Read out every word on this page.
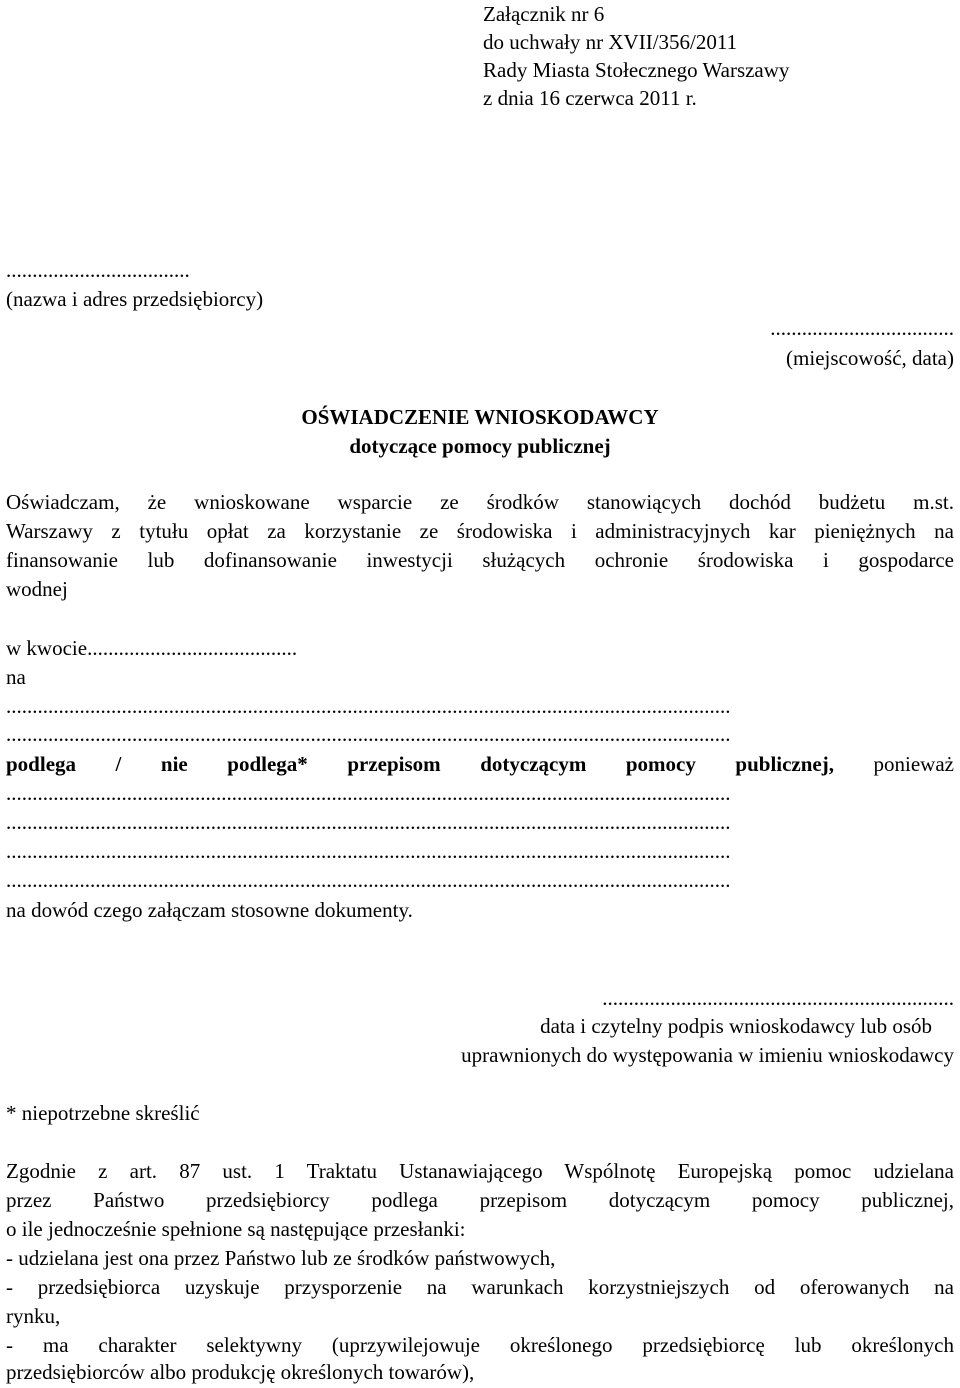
Załącznik nr 6
do uchwały nr XVII/356/2011
Rady Miasta Stołecznego Warszawy
z dnia 16 czerwca 2011 r.
...................................
(nazwa i adres przedsiębiorcy)
...................................
(miejscowość, data)
OŚWIADCZENIE WNIOSKODAWCY
dotyczące pomocy publicznej
Oświadczam, że wnioskowane wsparcie ze środków stanowiących dochód budżetu m.st.
Warszawy z tytułu opłat za korzystanie ze środowiska i administracyjnych kar pieniężnych na
finansowanie lub dofinansowanie inwestycji służących ochronie środowiska i gospodarce
wodnej
w kwocie........................................
na
..........................................................................................................................................
..........................................................................................................................................
podlega / nie podlega* przepisom dotyczącym pomocy publicznej, ponieważ
..........................................................................................................................................
..........................................................................................................................................
..........................................................................................................................................
..........................................................................................................................................
na dowód czego załączam stosowne dokumenty.
...................................................................
data i czytelny podpis wnioskodawcy lub osób
uprawnionych do występowania w imieniu wnioskodawcy
* niepotrzebne skreślić
Zgodnie z art. 87 ust. 1 Traktatu Ustanawiającego Wspólnotę Europejską pomoc udzielana
przez Państwo przedsiębiorcy podlega przepisom dotyczącym pomocy publicznej,
o ile jednocześnie spełnione są następujące przesłanki:
- udzielana jest ona przez Państwo lub ze środków państwowych,
- przedsiębiorca uzyskuje przysporzenie na warunkach korzystniejszych od oferowanych na
rynku,
- ma charakter selektywny (uprzywilejowuje określonego przedsiębiorcę lub określonych
przedsiębiorców albo produkcję określonych towarów),
